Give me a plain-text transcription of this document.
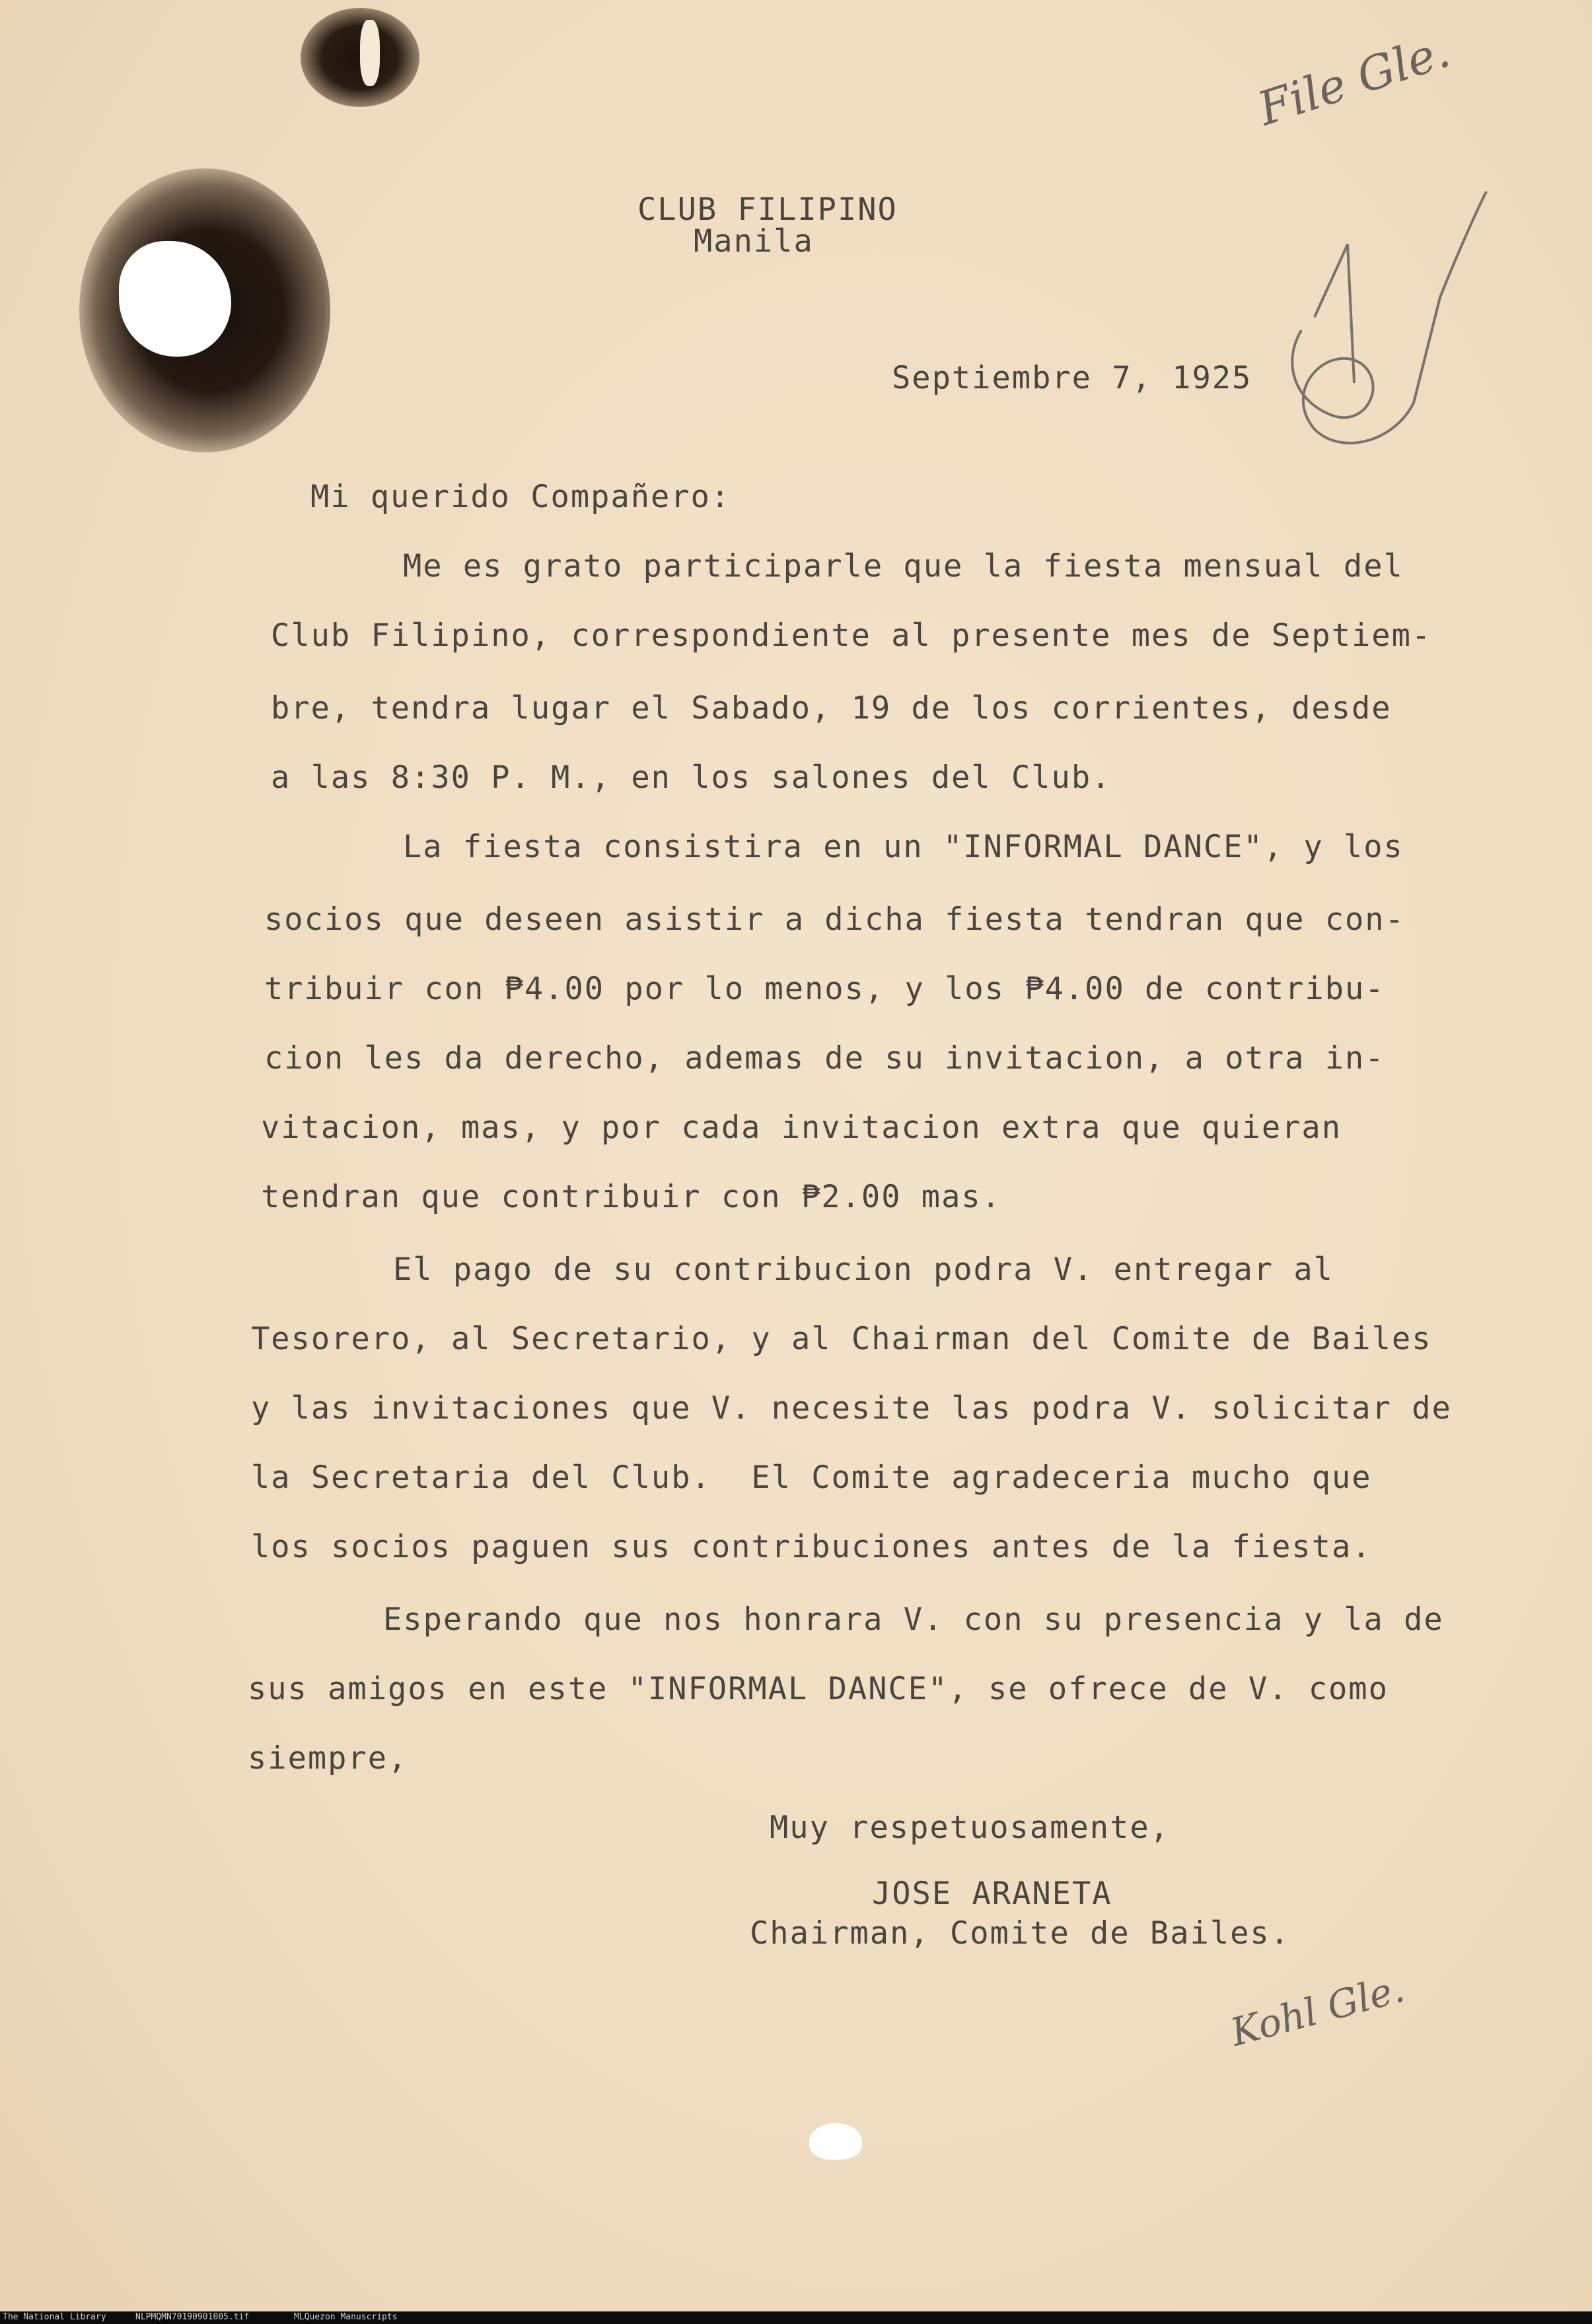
CLUB FILIPINO
Manila
Septiembre 7, 1925
Mi querido Compañero:
Me es grato participarle que la fiesta mensual del
Club Filipino, correspondiente al presente mes de Septiem-
bre, tendra lugar el Sabado, 19 de los corrientes, desde
a las 8:30 P. M., en los salones del Club.
La fiesta consistira en un "INFORMAL DANCE", y los
socios que deseen asistir a dicha fiesta tendran que con-
tribuir con ₱4.00 por lo menos, y los ₱4.00 de contribu-
cion les da derecho, ademas de su invitacion, a otra in-
vitacion, mas, y por cada invitacion extra que quieran
tendran que contribuir con ₱2.00 mas.
El pago de su contribucion podra V. entregar al
Tesorero, al Secretario, y al Chairman del Comite de Bailes
y las invitaciones que V. necesite las podra V. solicitar de
la Secretaria del Club.  El Comite agradeceria mucho que
los socios paguen sus contribuciones antes de la fiesta.
Esperando que nos honrara V. con su presencia y la de
sus amigos en este "INFORMAL DANCE", se ofrece de V. como
siempre,
Muy respetuosamente,
JOSE ARANETA
Chairman, Comite de Bailes.
File Gle.
Kohl Gle.
The National Library	NLPMQMN70190901005.tif	MLQuezon Manuscripts
